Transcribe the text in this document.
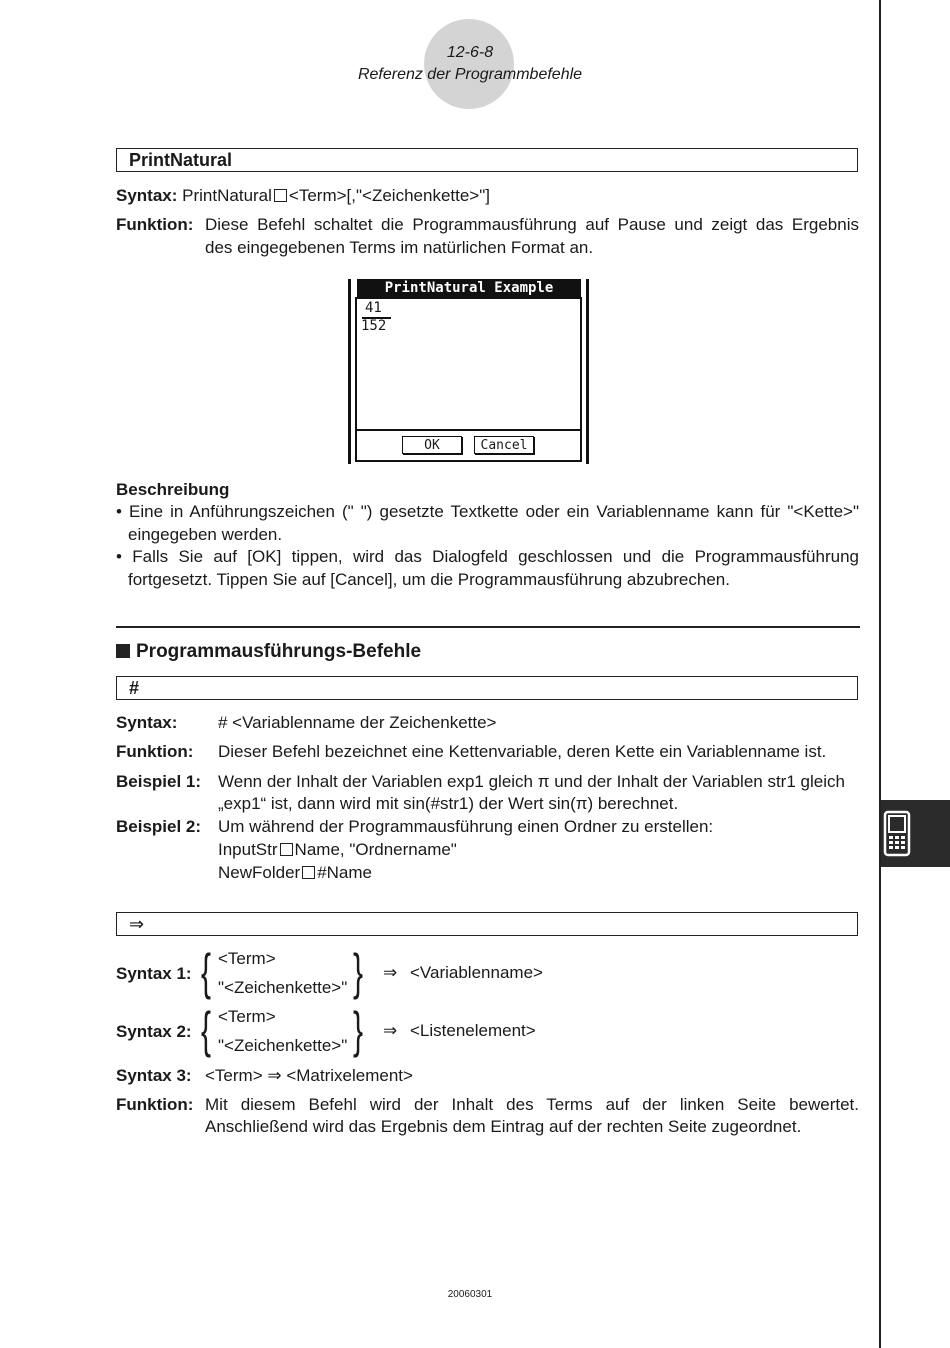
12-6-8
Referenz der Programmbefehle
PrintNatural
Syntax: PrintNatural <Term>[,"<Zeichenkette>"]
Funktion: Diese Befehl schaltet die Programmausführung auf Pause und zeigt das Ergebnis
des eingegebenen Terms im natürlichen Format an.
PrintNatural Example
41
152
OK	Cancel
Beschreibung
• Eine in Anführungszeichen (" ") gesetzte Textkette oder ein Variablenname kann für "<Kette>"
eingegeben werden.
• Falls Sie auf [OK] tippen, wird das Dialogfeld geschlossen und die Programmausführung
fortgesetzt. Tippen Sie auf [Cancel], um die Programmausführung abzubrechen.
Programmausführungs-Befehle
#
Syntax: # <Variablenname der Zeichenkette>
Funktion: Dieser Befehl bezeichnet eine Kettenvariable, deren Kette ein Variablenname ist.
Beispiel 1: Wenn der Inhalt der Variablen exp1 gleich π und der Inhalt der Variablen str1 gleich
„exp1“ ist, dann wird mit sin(#str1) der Wert sin(π) berechnet.
Beispiel 2: Um während der Programmausführung einen Ordner zu erstellen:
InputStr Name, "Ordnername"
NewFolder #Name
⇒
Syntax 1: { <Term>
"<Zeichenkette>" } ⇒ <Variablenname>
Syntax 2: { <Term>
"<Zeichenkette>" } ⇒ <Listenelement>
Syntax 3: <Term> ⇒ <Matrixelement>
Funktion: Mit diesem Befehl wird der Inhalt des Terms auf der linken Seite bewertet.
Anschließend wird das Ergebnis dem Eintrag auf der rechten Seite zugeordnet.
20060301
